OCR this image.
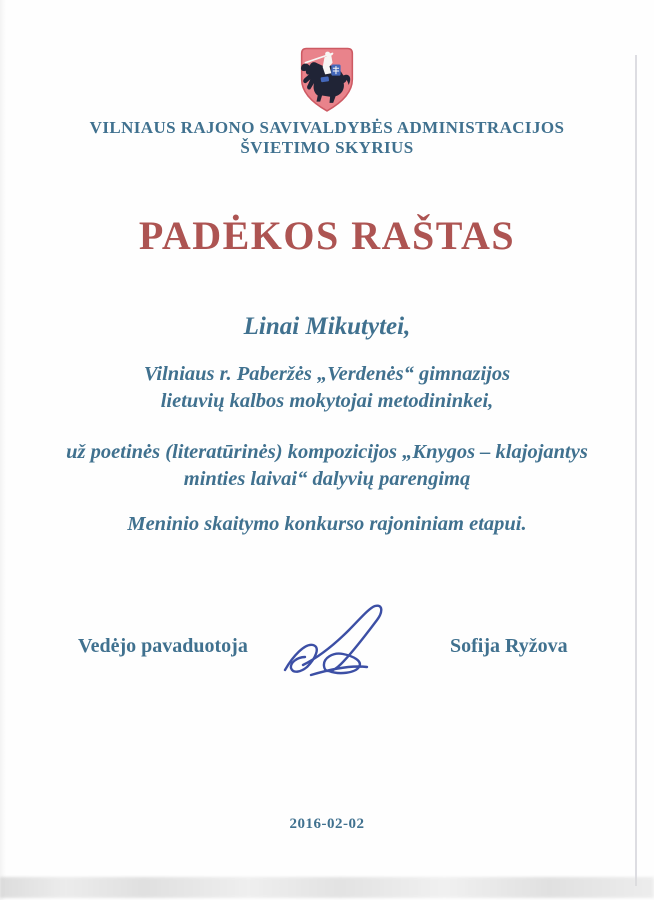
VILNIAUS RAJONO SAVIVALDYBĖS ADMINISTRACIJOS
ŠVIETIMO SKYRIUS
PADĖKOS RAŠTAS
Linai Mikutytei,
Vilniaus r. Paberžės „Verdenės“ gimnazijos
lietuvių kalbos mokytojai metodininkei,
už poetinės (literatūrinės) kompozicijos „Knygos – klajojantys
minties laivai“ dalyvių parengimą
Meninio skaitymo konkurso rajoniniam etapui.
Vedėjo pavaduotoja	Sofija Ryžova
2016-02-02
